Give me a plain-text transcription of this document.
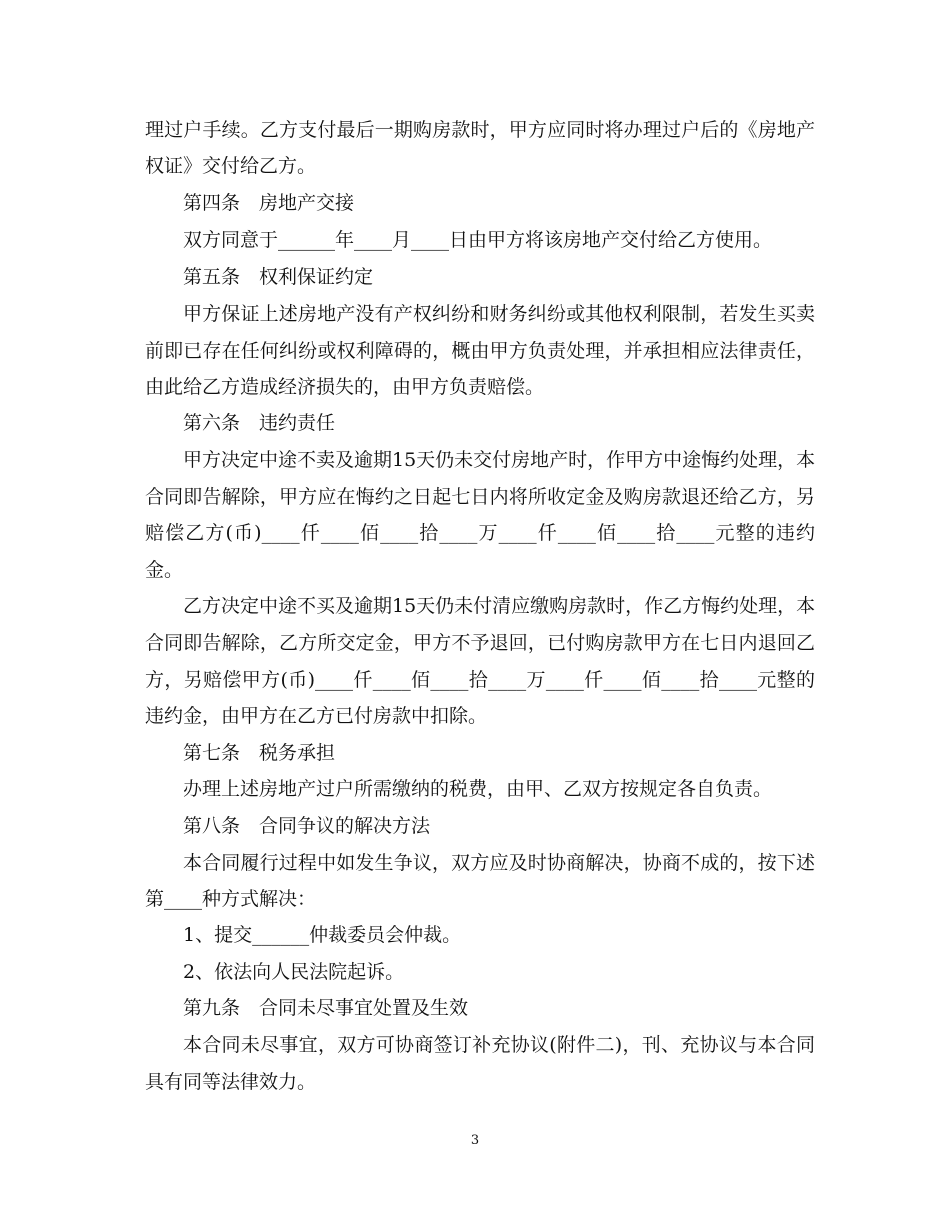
理过户手续。乙方支付最后一期购房款时，甲方应同时将办理过户后的《房地产
权证》交付给乙方。
第四条　房地产交接
双方同意于______年____月____日由甲方将该房地产交付给乙方使用。
第五条　权利保证约定
甲方保证上述房地产没有产权纠纷和财务纠纷或其他权利限制，若发生买卖
前即已存在任何纠纷或权利障碍的，概由甲方负责处理，并承担相应法律责任，
由此给乙方造成经济损失的，由甲方负责赔偿。
第六条　违约责任
甲方决定中途不卖及逾期15天仍未交付房地产时，作甲方中途悔约处理，本
合同即告解除，甲方应在悔约之日起七日内将所收定金及购房款退还给乙方，另
赔偿乙方(币)____仟____佰____拾____万____仟____佰____拾____元整的违约
金。
乙方决定中途不买及逾期15天仍未付清应缴购房款时，作乙方悔约处理，本
合同即告解除，乙方所交定金，甲方不予退回，已付购房款甲方在七日内退回乙
方，另赔偿甲方(币)____仟____佰____拾____万____仟____佰____拾____元整的
违约金，由甲方在乙方已付房款中扣除。
第七条　税务承担
办理上述房地产过户所需缴纳的税费，由甲、乙双方按规定各自负责。
第八条　合同争议的解决方法
本合同履行过程中如发生争议，双方应及时协商解决，协商不成的，按下述
第____种方式解决：
1、提交______仲裁委员会仲裁。
2、依法向人民法院起诉。
第九条　合同未尽事宜处置及生效
本合同未尽事宜，双方可协商签订补充协议(附件二)，刊、充协议与本合同
具有同等法律效力。
3
